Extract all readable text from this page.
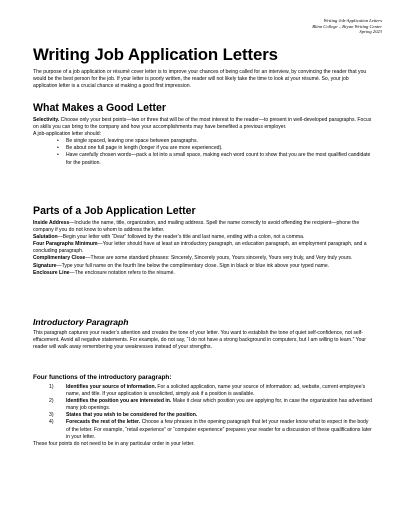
Writing Job-Application Letters
Blinn College – Bryan Writing Center
Spring 2023
Writing Job Application Letters

The purpose of a job application or résumé cover letter is to improve your chances of being called for an interview, by convincing the reader that you would be the best person for the job. If your letter is poorly written, the reader will not likely take the time to look at your résumé. So, your job application letter is a crucial chance at making a good first impression.

What Makes a Good Letter

Selectivity. Choose only your best points—two or three that will be of the most interest to the reader—to present in well-developed paragraphs. Focus on skills you can bring to the company and how your accomplishments may have benefited a previous employer.

A job-application letter should:

• Be single spaced, leaving one space between paragraphs.
• Be about one full page in length (longer if you are more experienced).
• Have carefully chosen words—pack a lot into a small space, making each word count to show that you are the most qualified candidate for the position.
Parts of a Job Application Letter

Inside Address—Include the name, title, organization, and mailing address. Spell the name correctly to avoid offending the recipient—phone the company if you do not know to whom to address the letter.

Salutation—Begin your letter with “Dear” followed by the reader’s title and last name, ending with a colon, not a comma.

Four Paragraphs Minimum—Your letter should have at least an introductory paragraph, an education paragraph, an employment paragraph, and a concluding paragraph.

Complimentary Close—These are some standard phrases: Sincerely, Sincerely yours, Yours sincerely, Yours very truly, and Very truly yours.

Signature—Type your full name on the fourth line below the complimentary close. Sign in black or blue ink above your typed name.

Enclosure Line—The enclosure notation refers to the résumé.

Introductory Paragraph

This paragraph captures your reader’s attention and creates the tone of your letter. You want to establish the tone of quiet self-confidence, not self-effacement. Avoid all negative statements. For example, do not say, “I do not have a strong background in computers, but I am willing to learn.” Your reader will walk away remembering your weaknesses instead of your strengths.

Four functions of the introductory paragraph:
1) Identifies your source of information. For a solicited application, name your source of information: ad, website, current employee’s name, and title. If your application is unsolicited, simply ask if a position is available.
2) Identifies the position you are interested in. Make it clear which position you are applying for, in case the organization has advertised many job openings.
3) States that you wish to be considered for the position.
4) Forecasts the rest of the letter. Choose a few phrases in the opening paragraph that let your reader know what to expect in the body of the letter. For example, “retail experience” or “computer experience” prepares your reader for a discussion of these qualifications later in your letter.

These four points do not need to be in any particular order in your letter.
